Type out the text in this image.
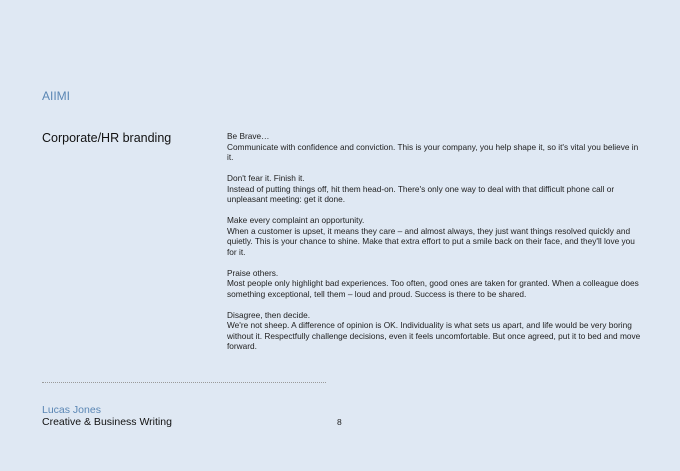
AIIMI
Corporate/HR branding	Be Brave…
Communicate with confidence and conviction. This is your company, you help shape it, so it's vital you believe in it.
Don't fear it. Finish it.
Instead of putting things off, hit them head-on. There's only one way to deal with that difficult phone call or unpleasant meeting: get it done.
Make every complaint an opportunity.
When a customer is upset, it means they care – and almost always, they just want things resolved quickly and quietly. This is your chance to shine. Make that extra effort to put a smile back on their face, and they'll love you for it.
Praise others.
Most people only highlight bad experiences. Too often, good ones are taken for granted. When a colleague does something exceptional, tell them – loud and proud. Success is there to be shared.
Disagree, then decide.
We're not sheep. A difference of opinion is OK. Individuality is what sets us apart, and life would be very boring without it. Respectfully challenge decisions, even it feels uncomfortable. But once agreed, put it to bed and move forward.
Lucas Jones
Creative & Business Writing	8
